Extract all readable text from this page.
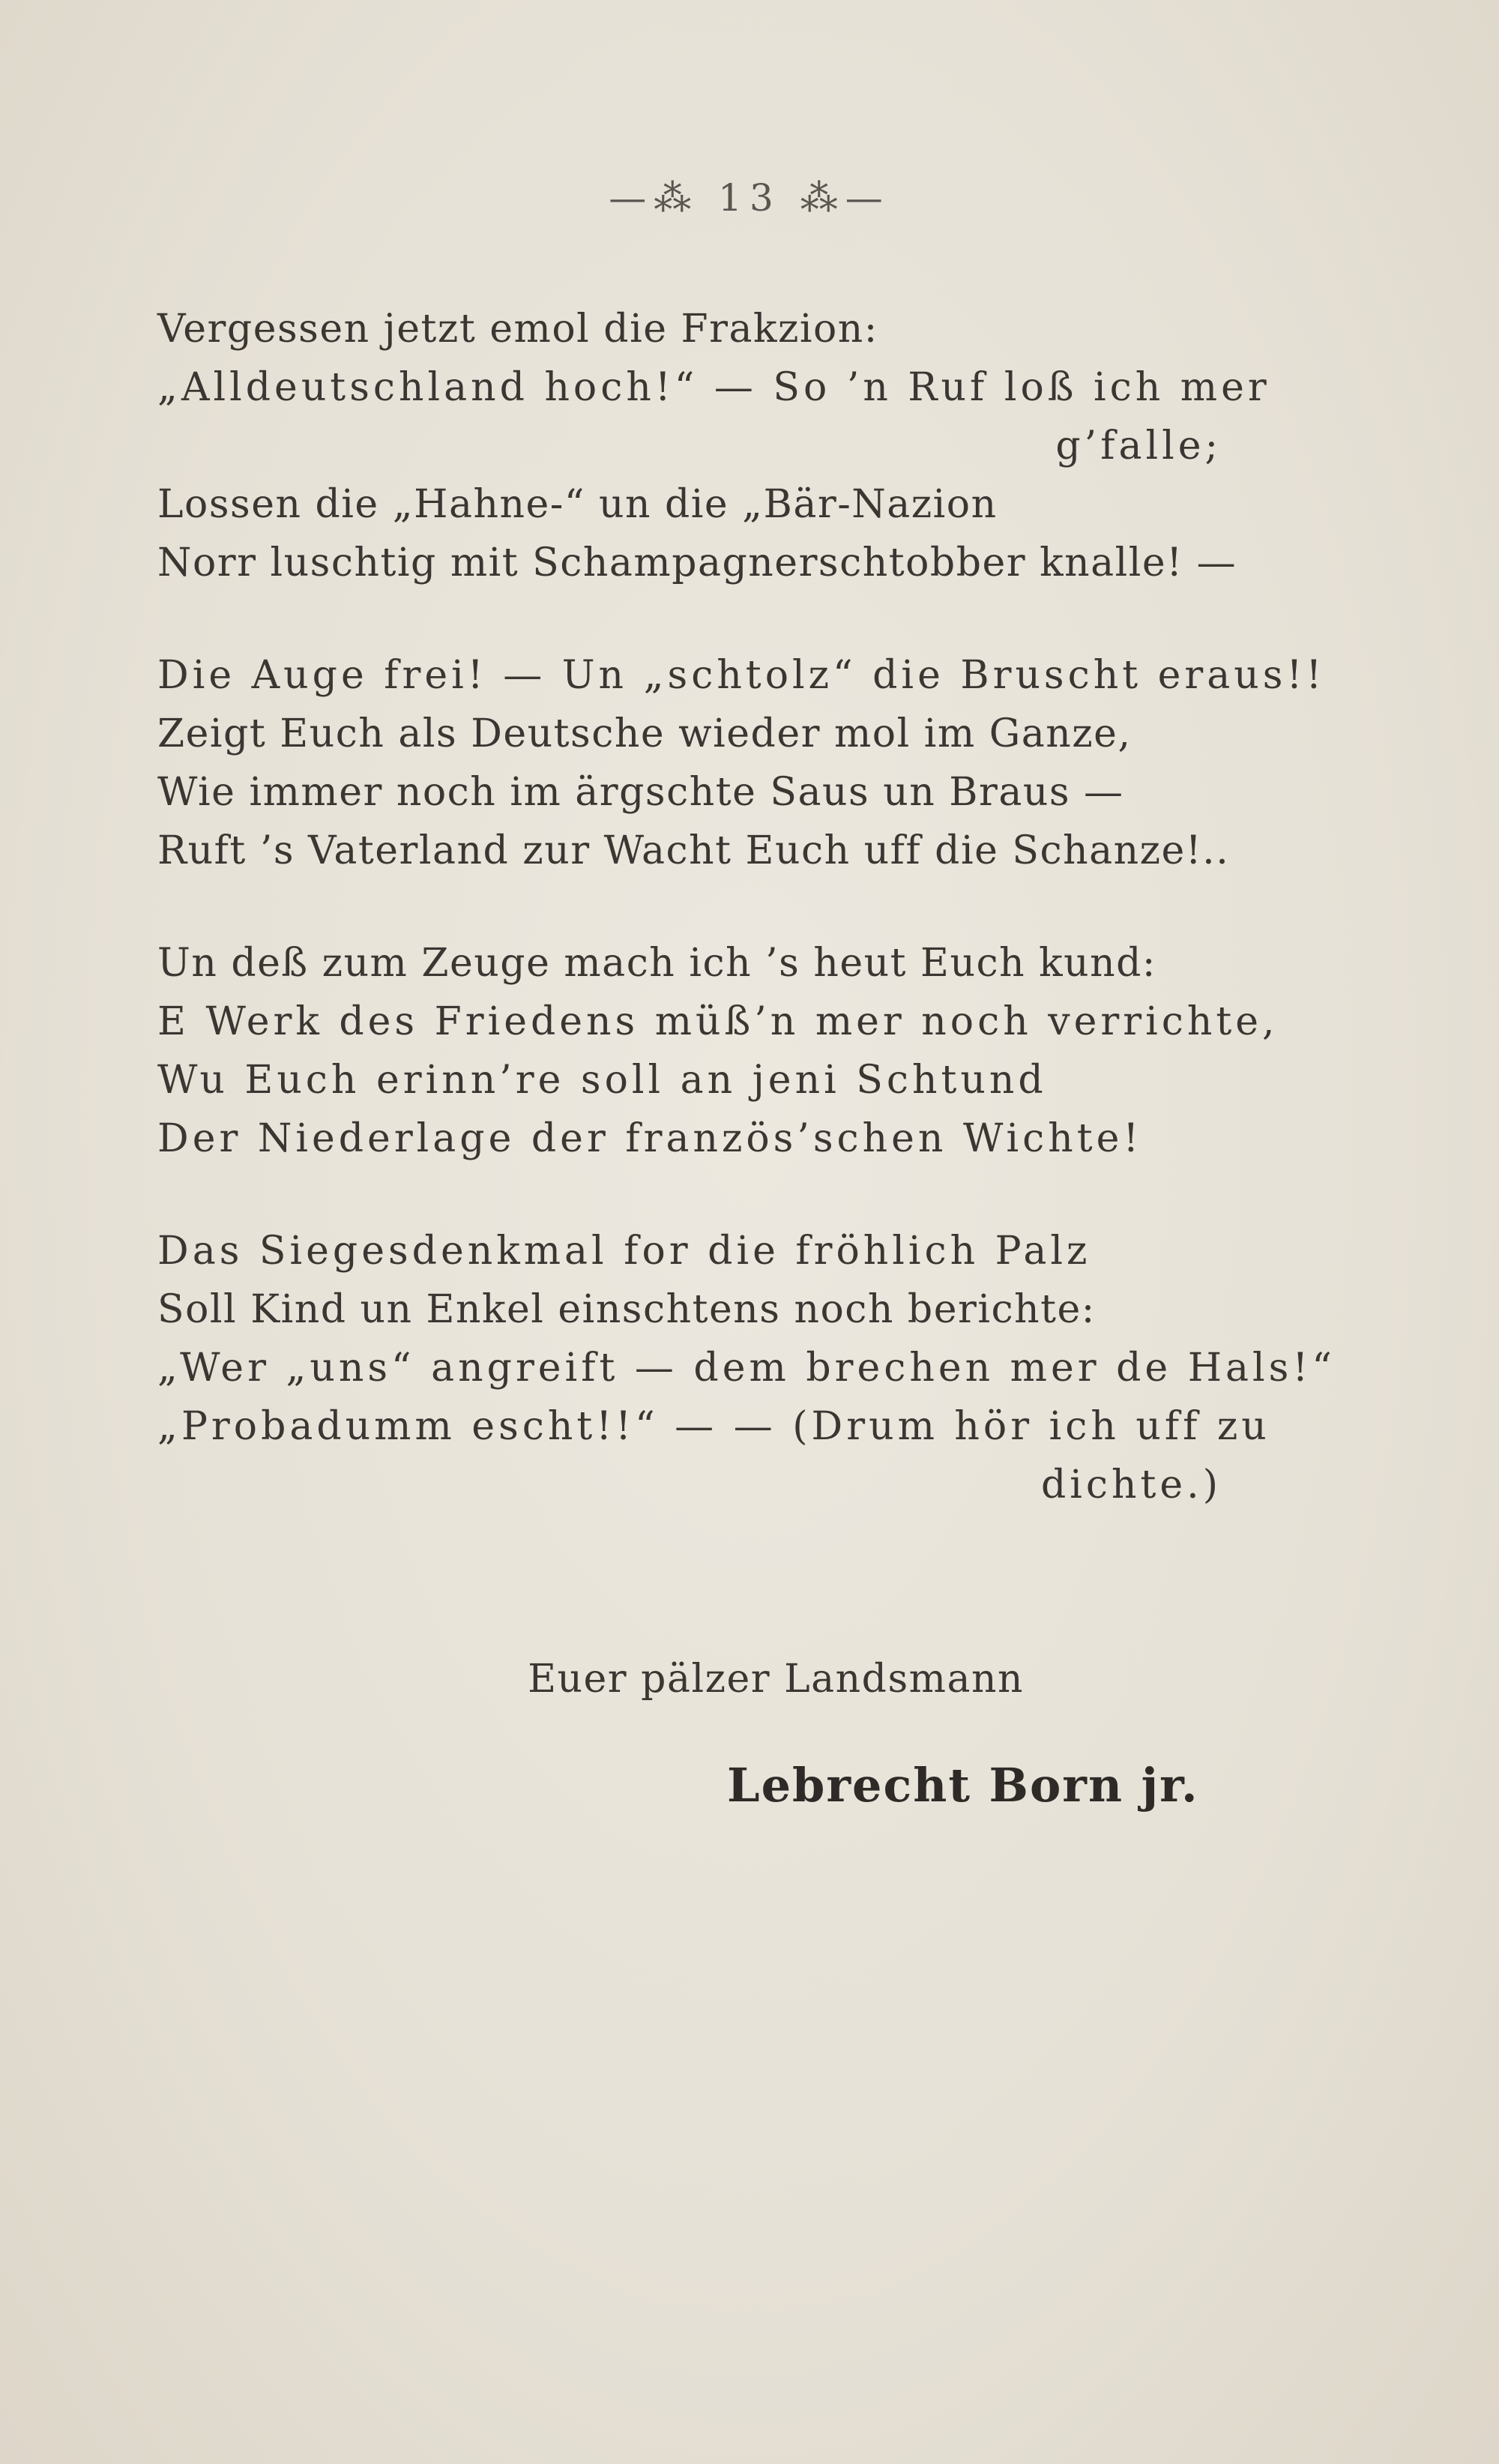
—⁂ 13 ⁂—
Vergessen jetzt emol die Frakzion:
„Alldeutschland hoch!“ — So ’n Ruf loß ich mer
g’falle;
Lossen die „Hahne-“ un die „Bär-Nazion
Norr luschtig mit Schampagnerschtobber knalle! —
Die Auge frei! — Un „schtolz“ die Bruscht eraus!!
Zeigt Euch als Deutsche wieder mol im Ganze,
Wie immer noch im ärgschte Saus un Braus —
Ruft ’s Vaterland zur Wacht Euch uff die Schanze!..
Un deß zum Zeuge mach ich ’s heut Euch kund:
E Werk des Friedens müß’n mer noch verrichte,
Wu Euch erinn’re soll an jeni Schtund
Der Niederlage der französ’schen Wichte!
Das Siegesdenkmal for die fröhlich Palz
Soll Kind un Enkel einschtens noch berichte:
„Wer „uns“ angreift — dem brechen mer de Hals!“
„Probadumm escht!!“ — — (Drum hör ich uff zu
dichte.)
Euer pälzer Landsmann
Lebrecht Born jr.
